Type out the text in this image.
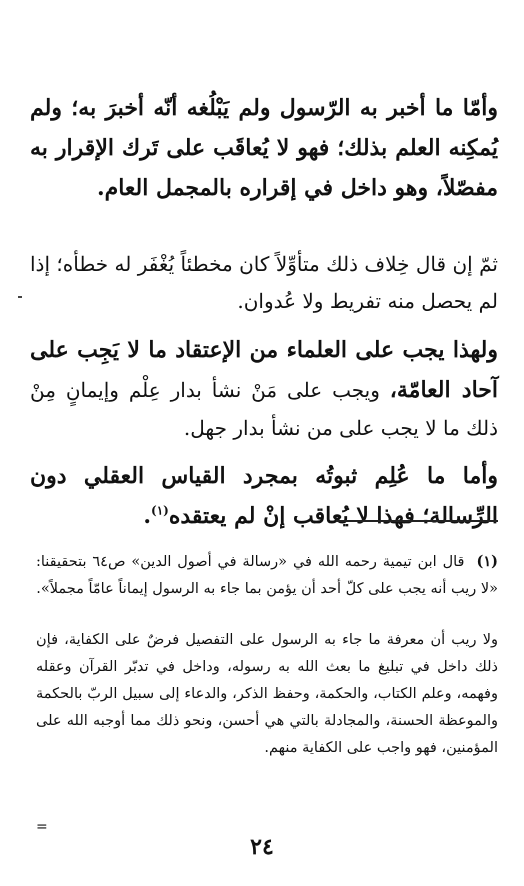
وأمّا ما أخبر به الرّسول ولم يَبْلُغه أنّه أخبرَ به؛ ولم يُمكِنه العلم بذلك؛ فهو لا يُعاقَب على تَرك الإقرار به مفصّلاً، وهو داخل في إقراره بالمجمل العام.

ثمّ إن قال خِلاف ذلك متأوِّلاً كان مخطئاً يُغْفَر له خطأه؛ إذا لم يحصل منه تفريط ولا عُدوان.

ولهذا يجب على العلماء من الإعتقاد ما لا يَجِب على آحاد العامّة، ويجب على مَنْ نشأ بدار عِلْم وإيمانٍ مِنْ ذلك ما لا يجب على من نشأ بدار جهل.

وأما ما عُلِم ثبوتُه بمجرد القياس العقلي دون الرِّسالة؛ فهذا لا يُعاقب إنْ لم يعتقده$^{(١)}$.

(١)قال ابن تيمية رحمه الله في «رسالة في أصول الدين» ص٦٤ بتحقيقنا: «لا ريب أنه يجب على كلّ أحد أن يؤمن بما جاء به الرسول إيماناً عامّاً مجملاً».

ولا ريب أن معرفة ما جاء به الرسول على التفصيل فرضٌ على الكفاية، فإن ذلك داخل في تبليغ ما بعث الله به رسوله، وداخل في تدبّر القرآن وعقله وفهمه، وعلم الكتاب، والحكمة، وحفظ الذكر، والدعاء إلى سبيل الربّ بالحكمة والموعظة الحسنة، والمجادلة بالتي هي أحسن، ونحو ذلك مما أوجبه الله على المؤمنين، فهو واجب على الكفاية منهم.

=
٢٤
